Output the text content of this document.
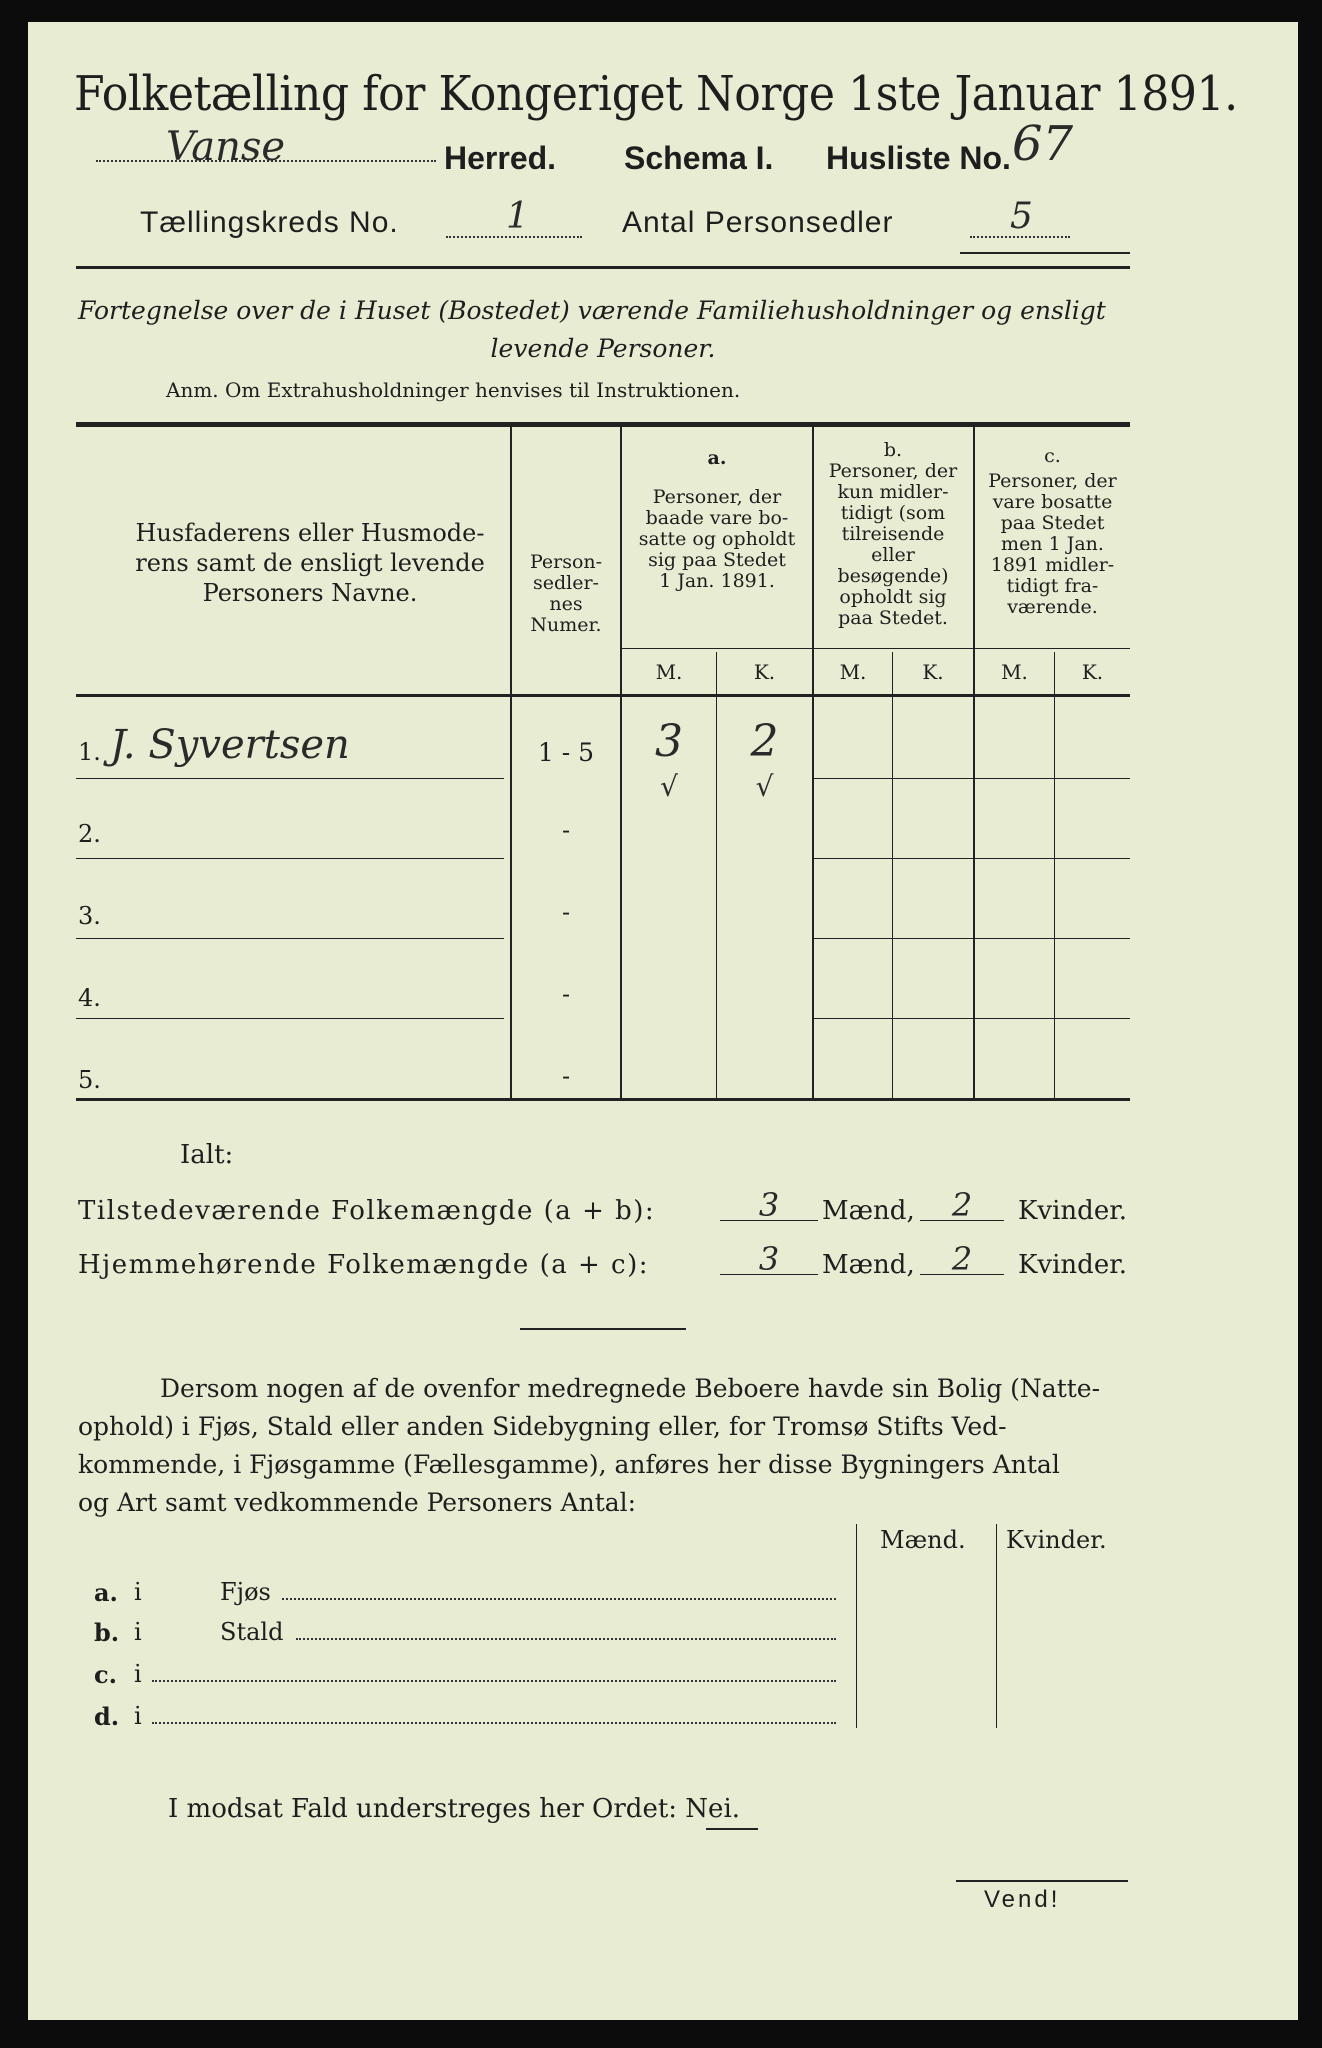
Folketælling for Kongeriget Norge 1ste Januar 1891.
Vanse	Herred. Schema I. Husliste No. 67
Tællingskreds No.	1	Antal Personsedler	5
Fortegnelse over de i Huset (Bostedet) værende Familiehusholdninger og ensligt
levende Personer.
Anm. Om Extrahusholdninger henvises til Instruktionen.
Husfaderens eller Husmode-
rens samt de ensligt levende
Personers Navne.
Person-
sedler-
nes
Numer.
a.
Personer, der
baade vare bo-
satte og opholdt
sig paa Stedet
1 Jan. 1891.
b.
Personer, der
kun midler-
tidigt (som
tilreisende
eller
besøgende)
opholdt sig
paa Stedet.
c.
Personer, der
vare bosatte
paa Stedet
men 1 Jan.
1891 midler-
tidigt fra-
værende.
M.	K.	M.	K.	M.	K.
1. J. Syvertsen	1 - 5	3	2
√	√
2.	-
3.	-
4.	-
5.	-
Ialt:
Tilstedeværende Folkemængde (a + b):	3	Mænd,	2	Kvinder.
Hjemmehørende Folkemængde (a + c):	3	Mænd,	2	Kvinder.
Dersom nogen af de ovenfor medregnede Beboere havde sin Bolig (Natte-
ophold) i Fjøs, Stald eller anden Sidebygning eller, for Tromsø Stifts Ved-
kommende, i Fjøsgamme (Fællesgamme), anføres her disse Bygningers Antal
og Art samt vedkommende Personers Antal:
Mænd. Kvinder.
a. i	Fjøs
b. i	Stald
c. i
d. i
I modsat Fald understreges her Ordet: Nei.
Vend!
